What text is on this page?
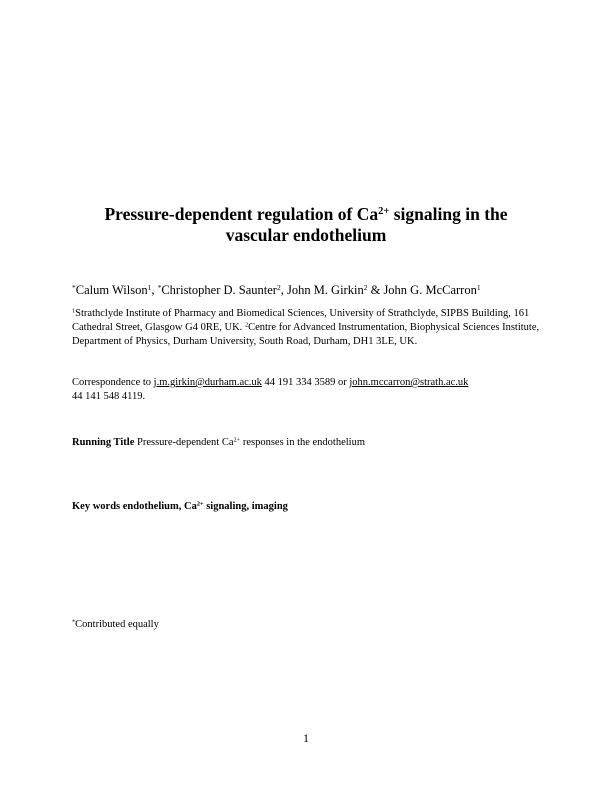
Pressure-dependent regulation of $Ca^{2+}$ signaling in the
vascular endothelium
*Calum Wilson$^1$, *Christopher D. Saunter$^2$, John M. Girkin$^2$ & John G. McCarron$^1$
$^1$Strathclyde Institute of Pharmacy and Biomedical Sciences, University of Strathclyde, SIPBS Building, 161 Cathedral Street, Glasgow G4 0RE, UK. $^2$Centre for Advanced Instrumentation, Biophysical Sciences Institute, Department of Physics, Durham University, South Road, Durham, DH1 3LE, UK.
Correspondence to j.m.girkin@durham.ac.uk 44 191 334 3589 or john.mccarron@strath.ac.uk
44 141 548 4119.
Running Title Pressure-dependent $Ca^{2+}$ responses in the endothelium
Key words endothelium, $Ca^{2+}$ signaling, imaging
*Contributed equally
1
